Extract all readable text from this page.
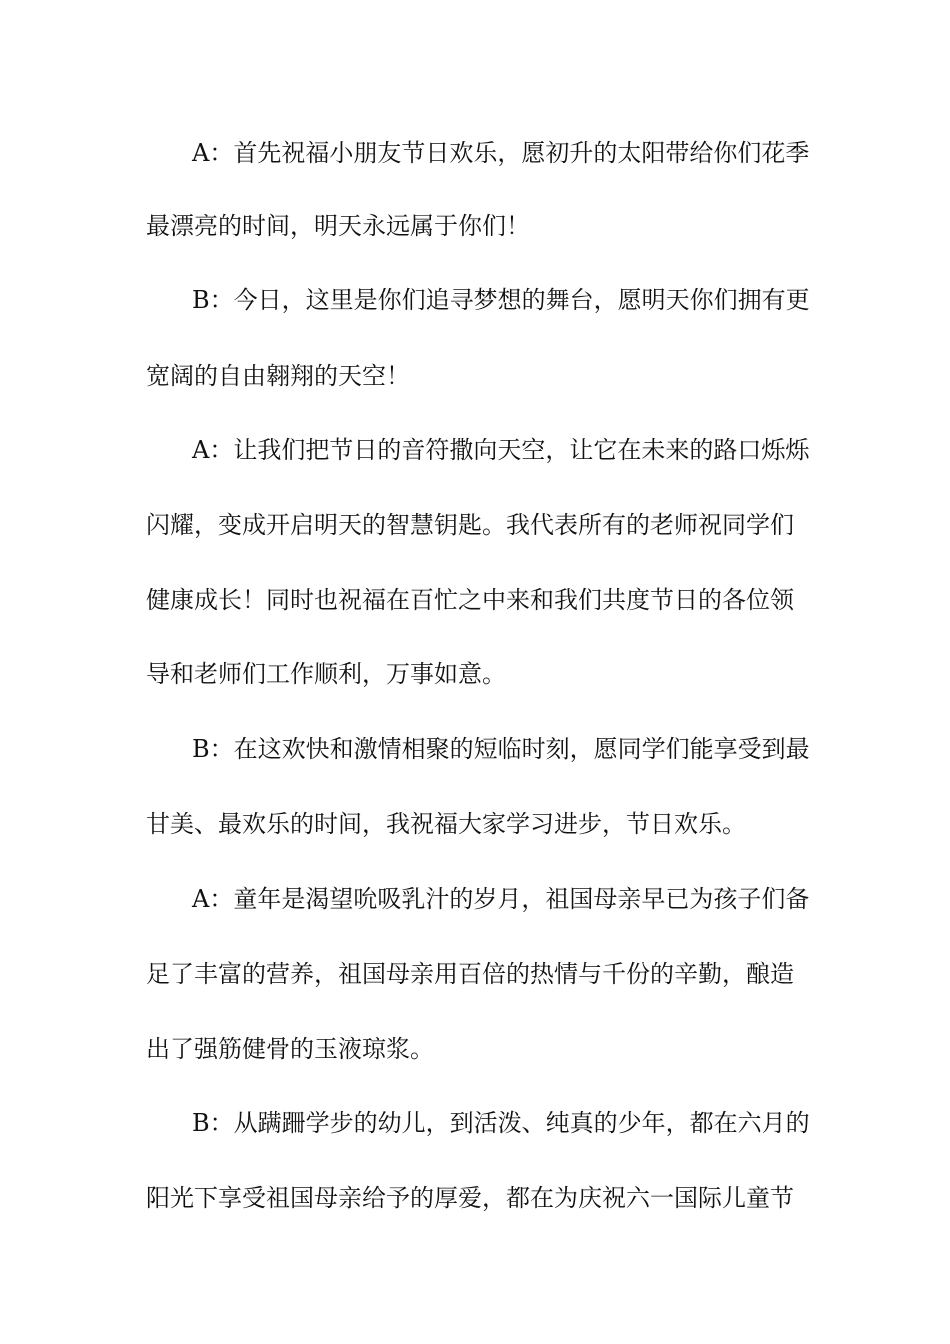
A：首先祝福小朋友节日欢乐，愿初升的太阳带给你们花季
最漂亮的时间，明天永远属于你们！
B：今日，这里是你们追寻梦想的舞台，愿明天你们拥有更
宽阔的自由翱翔的天空！
A：让我们把节日的音符撒向天空，让它在未来的路口烁烁
闪耀，变成开启明天的智慧钥匙。我代表所有的老师祝同学们
健康成长！同时也祝福在百忙之中来和我们共度节日的各位领
导和老师们工作顺利，万事如意。
B：在这欢快和激情相聚的短临时刻，愿同学们能享受到最
甘美、最欢乐的时间，我祝福大家学习进步，节日欢乐。
A：童年是渴望吮吸乳汁的岁月，祖国母亲早已为孩子们备
足了丰富的营养，祖国母亲用百倍的热情与千份的辛勤，酿造
出了强筋健骨的玉液琼浆。
B：从蹒跚学步的幼儿，到活泼、纯真的少年，都在六月的
阳光下享受祖国母亲给予的厚爱，都在为庆祝六一国际儿童节
